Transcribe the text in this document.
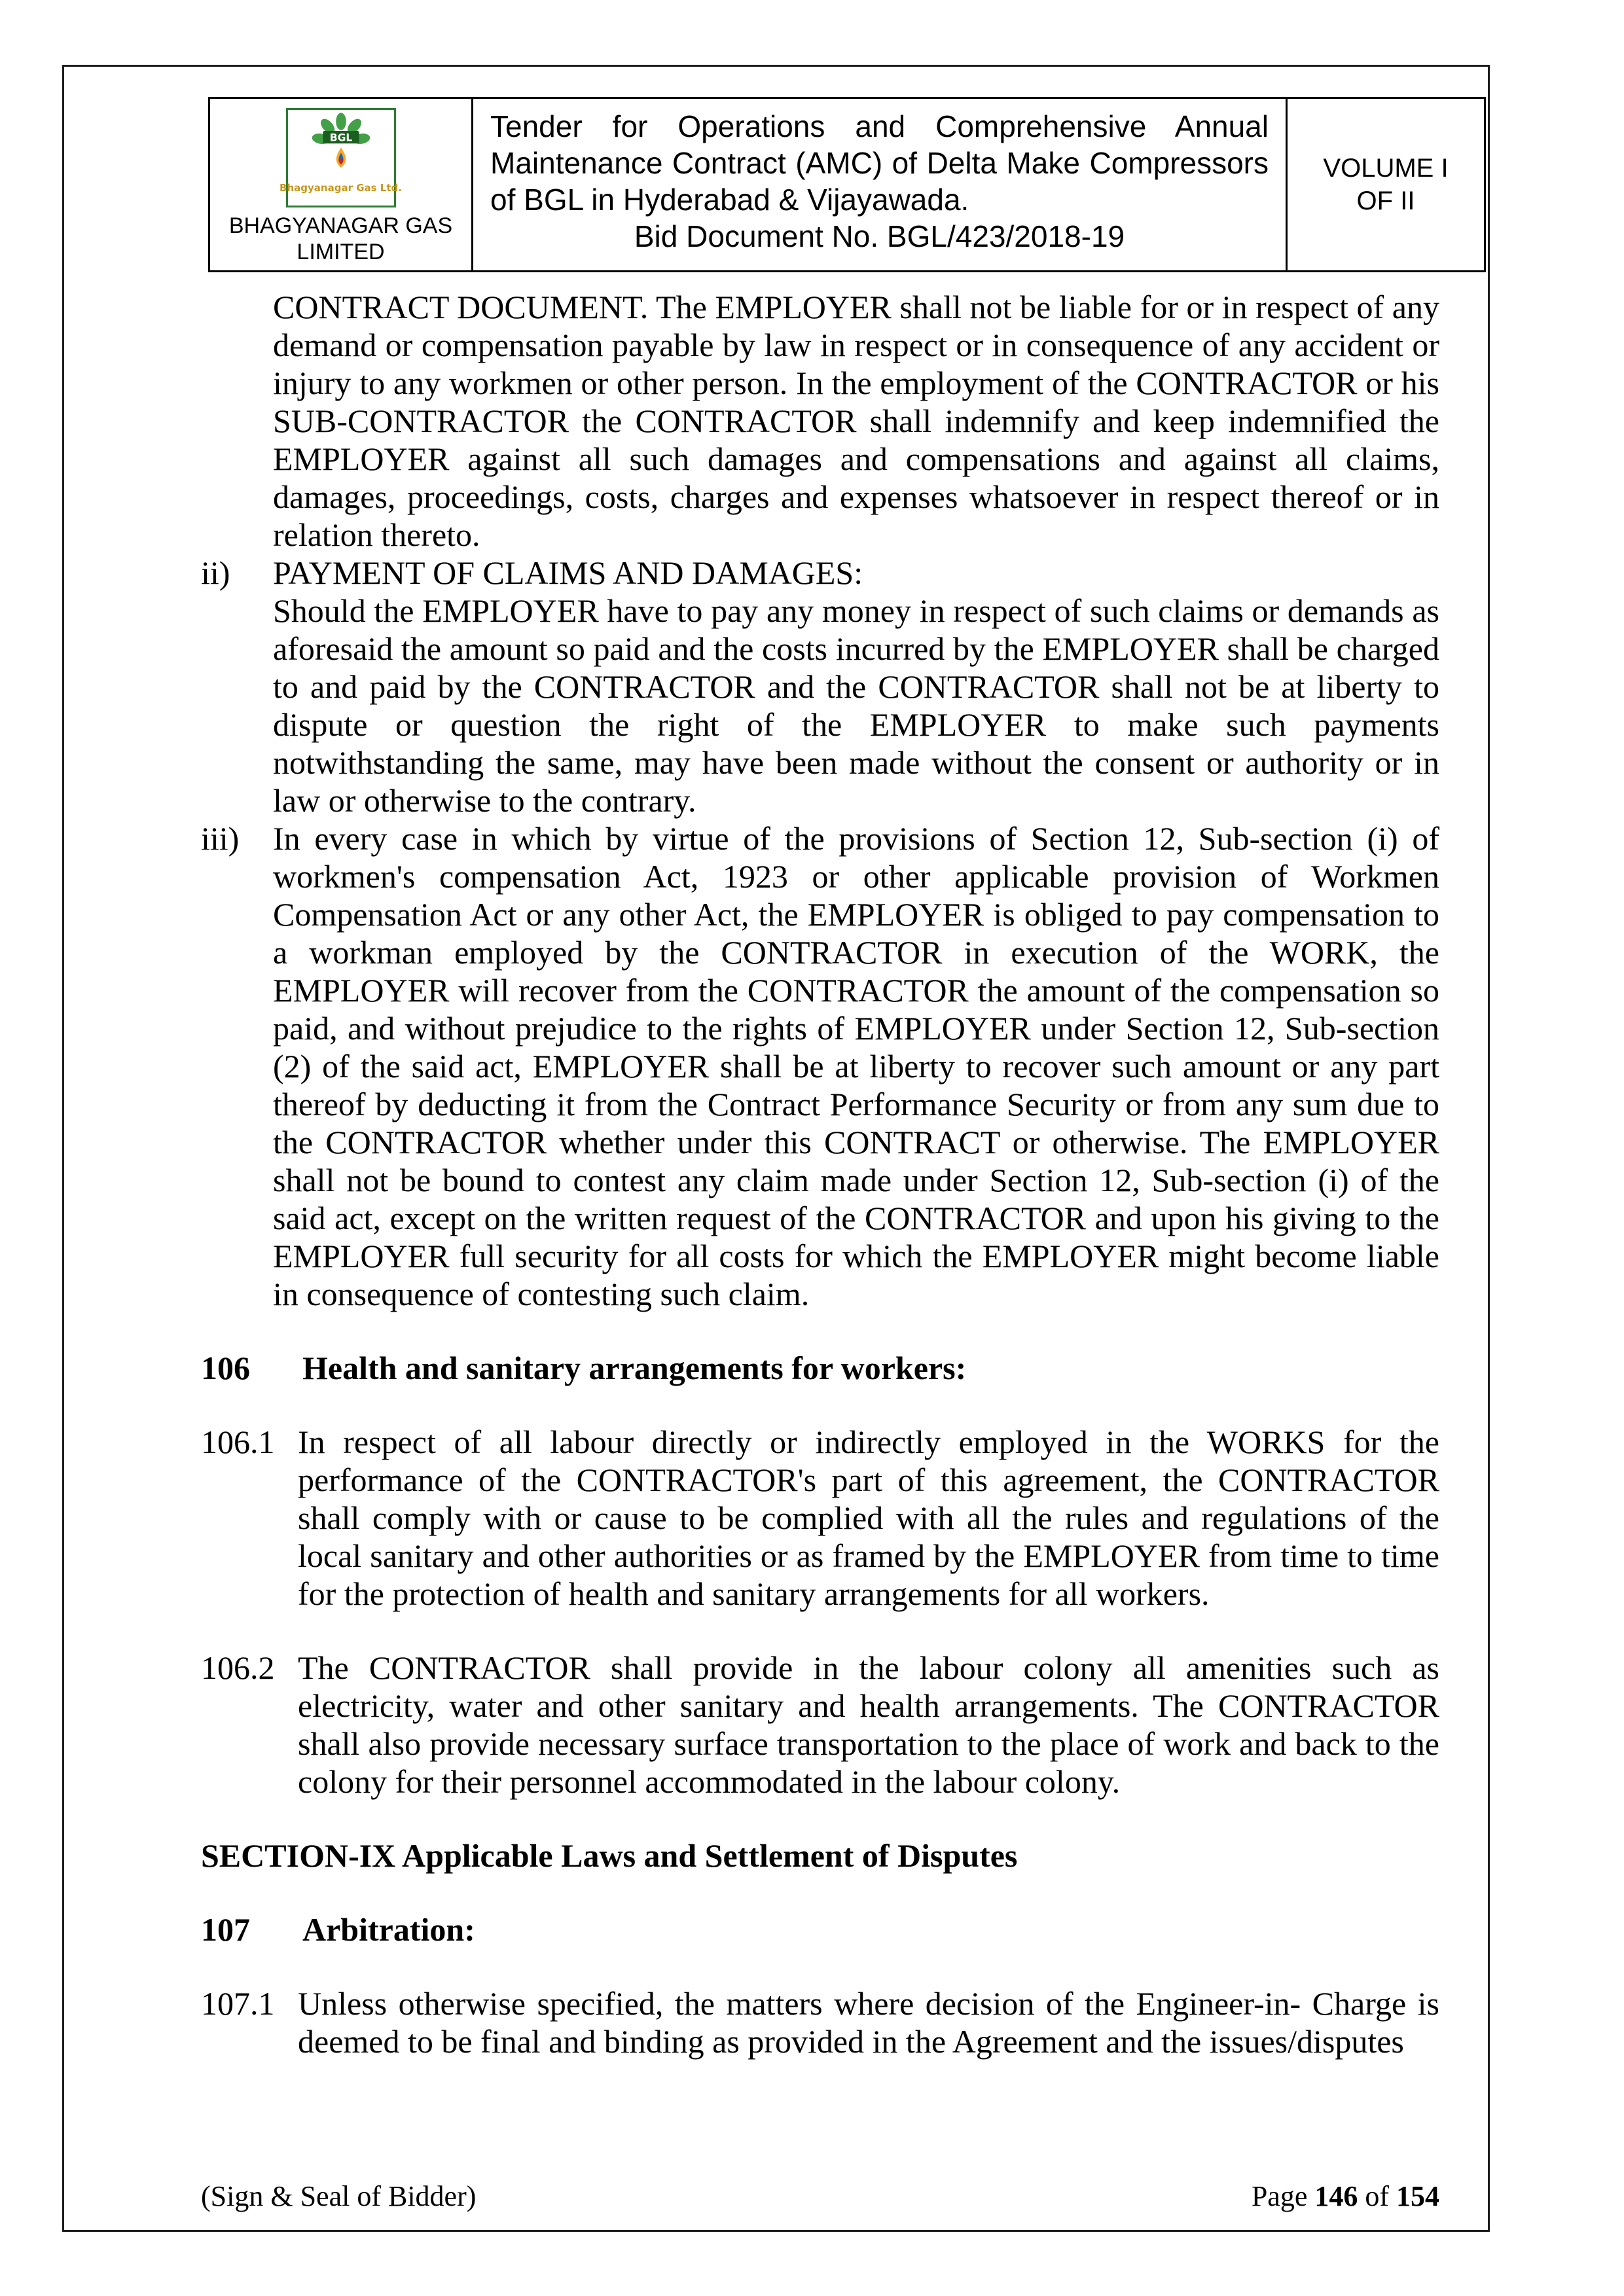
BGL
Bhagyanagar Gas Ltd.
BHAGYANAGAR GAS
LIMITED
Tender for Operations and Comprehensive Annual Maintenance Contract (AMC) of Delta Make Compressors of BGL in Hyderabad & Vijayawada.
Bid Document No. BGL/423/2018-19
VOLUME I
OF II
CONTRACT DOCUMENT. The EMPLOYER shall not be liable for or in respect of any demand or compensation payable by law in respect or in consequence of any accident or injury to any workmen or other person. In the employment of the CONTRACTOR or his SUB-CONTRACTOR the CONTRACTOR shall indemnify and keep indemnified the EMPLOYER against all such damages and compensations and against all claims, damages, proceedings, costs, charges and expenses whatsoever in respect thereof or in relation thereto.
ii) PAYMENT OF CLAIMS AND DAMAGES:
Should the EMPLOYER have to pay any money in respect of such claims or demands as aforesaid the amount so paid and the costs incurred by the EMPLOYER shall be charged to and paid by the CONTRACTOR and the CONTRACTOR shall not be at liberty to dispute or question the right of the EMPLOYER to make such payments notwithstanding the same, may have been made without the consent or authority or in law or otherwise to the contrary.
iii) In every case in which by virtue of the provisions of Section 12, Sub-section (i) of workmen's compensation Act, 1923 or other applicable provision of Workmen Compensation Act or any other Act, the EMPLOYER is obliged to pay compensation to a workman employed by the CONTRACTOR in execution of the WORK, the EMPLOYER will recover from the CONTRACTOR the amount of the compensation so paid, and without prejudice to the rights of EMPLOYER under Section 12, Sub-section (2) of the said act, EMPLOYER shall be at liberty to recover such amount or any part thereof by deducting it from the Contract Performance Security or from any sum due to the CONTRACTOR whether under this CONTRACT or otherwise. The EMPLOYER shall not be bound to contest any claim made under Section 12, Sub-section (i) of the said act, except on the written request of the CONTRACTOR and upon his giving to the EMPLOYER full security for all costs for which the EMPLOYER might become liable in consequence of contesting such claim.
106 Health and sanitary arrangements for workers:
106.1 In respect of all labour directly or indirectly employed in the WORKS for the performance of the CONTRACTOR's part of this agreement, the CONTRACTOR shall comply with or cause to be complied with all the rules and regulations of the local sanitary and other authorities or as framed by the EMPLOYER from time to time for the protection of health and sanitary arrangements for all workers.
106.2 The CONTRACTOR shall provide in the labour colony all amenities such as electricity, water and other sanitary and health arrangements. The CONTRACTOR shall also provide necessary surface transportation to the place of work and back to the colony for their personnel accommodated in the labour colony.
SECTION-IX Applicable Laws and Settlement of Disputes
107 Arbitration:
107.1 Unless otherwise specified, the matters where decision of the Engineer-in- Charge is deemed to be final and binding as provided in the Agreement and the issues/disputes
(Sign & Seal of Bidder)	Page 146 of 154
